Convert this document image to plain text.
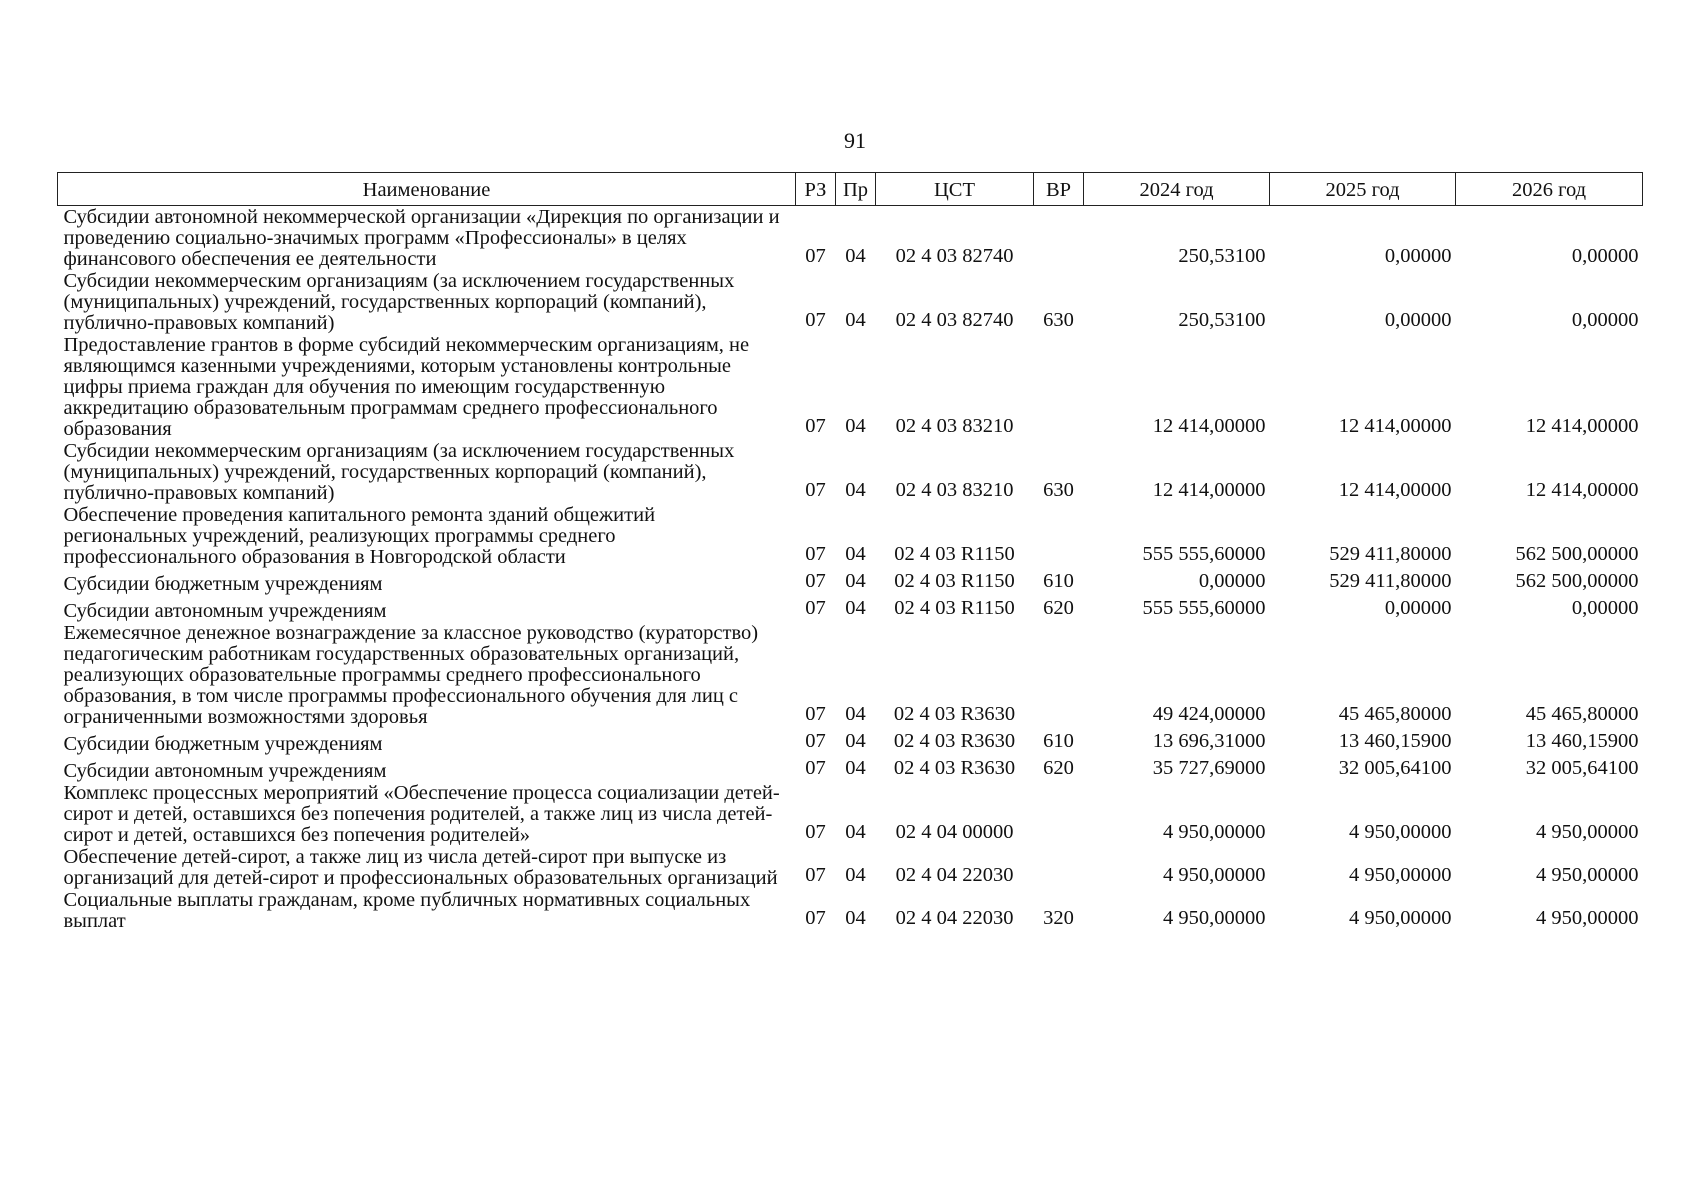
91
Наименование	РЗ	Пр	ЦСТ	ВР	2024 год	2025 год	2026 год
Субсидии автономной некоммерческой организации «Дирекция по организации и проведению социально-значимых программ «Профессионалы» в целях финансового обеспечения ее деятельности	07	04	02 4 03 82740		250,53100	0,00000	0,00000
Субсидии некоммерческим организациям (за исключением государственных (муниципальных) учреждений, государственных корпораций (компаний), публично-правовых компаний)	07	04	02 4 03 82740	630	250,53100	0,00000	0,00000
Предоставление грантов в форме субсидий некоммерческим организациям, не являющимся казенными учреждениями, которым установлены контрольные цифры приема граждан для обучения по имеющим государственную аккредитацию образовательным программам среднего профессионального образования	07	04	02 4 03 83210		12 414,00000	12 414,00000	12 414,00000
Субсидии некоммерческим организациям (за исключением государственных (муниципальных) учреждений, государственных корпораций (компаний), публично-правовых компаний)	07	04	02 4 03 83210	630	12 414,00000	12 414,00000	12 414,00000
Обеспечение проведения капитального ремонта зданий общежитий региональных учреждений, реализующих программы среднего профессионального образования в Новгородской области	07	04	02 4 03 R1150		555 555,60000	529 411,80000	562 500,00000
Субсидии бюджетным учреждениям	07	04	02 4 03 R1150	610	0,00000	529 411,80000	562 500,00000
Субсидии автономным учреждениям	07	04	02 4 03 R1150	620	555 555,60000	0,00000	0,00000
Ежемесячное денежное вознаграждение за классное руководство (кураторство) педагогическим работникам государственных образовательных организаций, реализующих образовательные программы среднего профессионального образования, в том числе программы профессионального обучения для лиц с ограниченными возможностями здоровья	07	04	02 4 03 R3630		49 424,00000	45 465,80000	45 465,80000
Субсидии бюджетным учреждениям	07	04	02 4 03 R3630	610	13 696,31000	13 460,15900	13 460,15900
Субсидии автономным учреждениям	07	04	02 4 03 R3630	620	35 727,69000	32 005,64100	32 005,64100
Комплекс процессных мероприятий «Обеспечение процесса социализации детей-сирот и детей, оставшихся без попечения родителей, а также лиц из числа детей-сирот и детей, оставшихся без попечения родителей»	07	04	02 4 04 00000		4 950,00000	4 950,00000	4 950,00000
Обеспечение детей-сирот, а также лиц из числа детей-сирот при выпуске из организаций для детей-сирот и профессиональных образовательных организаций	07	04	02 4 04 22030		4 950,00000	4 950,00000	4 950,00000
Социальные выплаты гражданам, кроме публичных нормативных социальных выплат	07	04	02 4 04 22030	320	4 950,00000	4 950,00000	4 950,00000
